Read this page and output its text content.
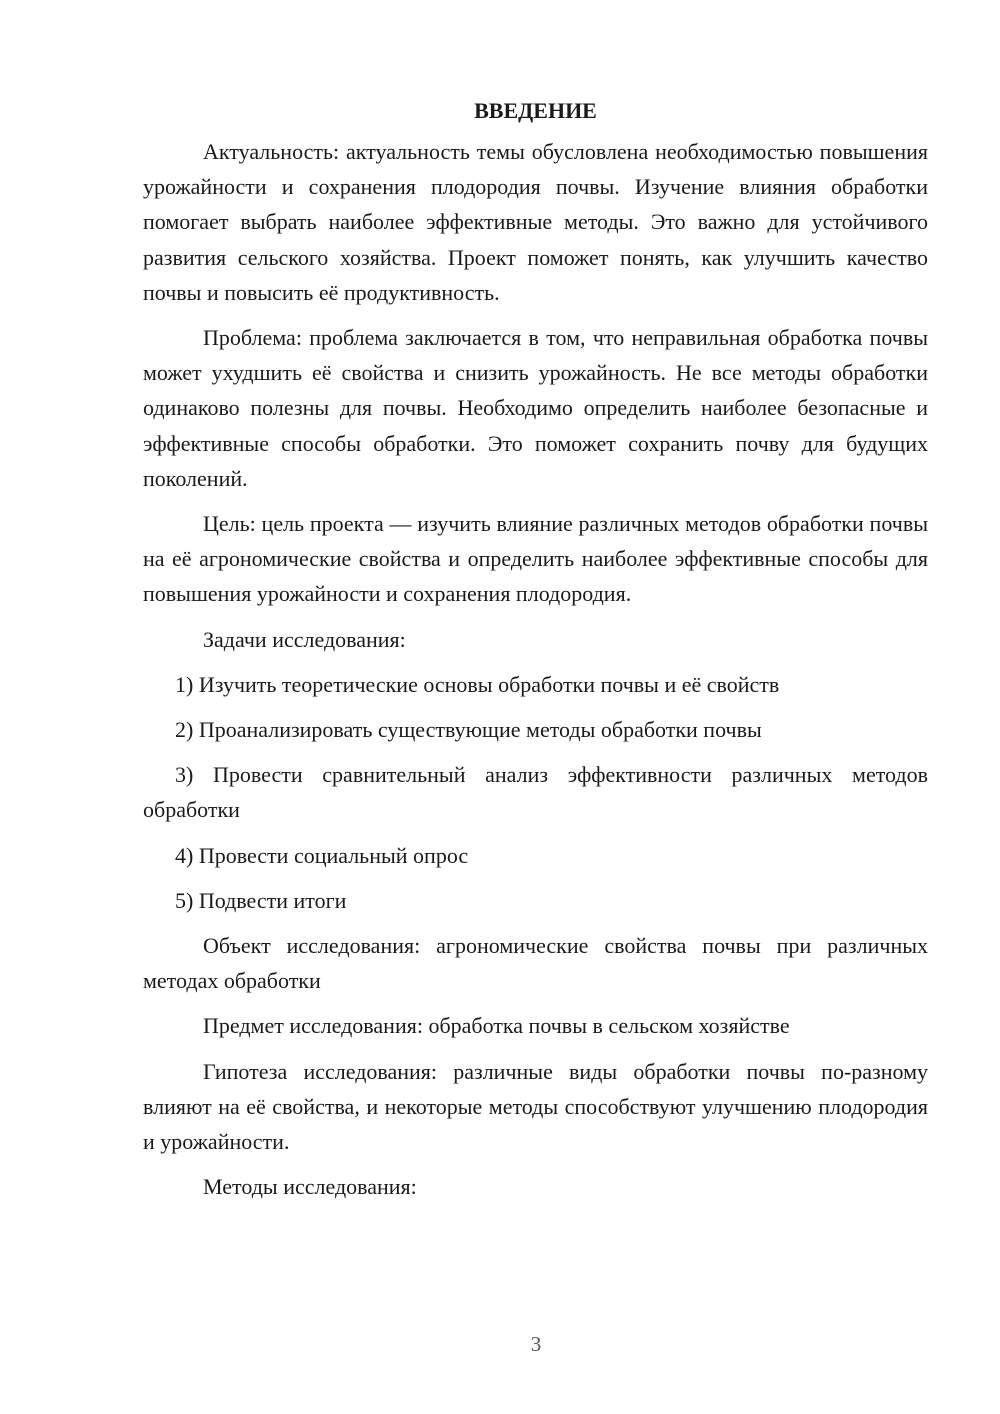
ВВЕДЕНИЕ

Актуальность: актуальность темы обусловлена необходимостью повышения урожайности и сохранения плодородия почвы. Изучение влияния обработки помогает выбрать наиболее эффективные методы. Это важно для устойчивого развития сельского хозяйства. Проект поможет понять, как улучшить качество почвы и повысить её продуктивность.

Проблема: проблема заключается в том, что неправильная обработка почвы может ухудшить её свойства и снизить урожайность. Не все методы обработки одинаково полезны для почвы. Необходимо определить наиболее безопасные и эффективные способы обработки. Это поможет сохранить почву для будущих поколений.

Цель: цель проекта — изучить влияние различных методов обработки почвы на её агрономические свойства и определить наиболее эффективные способы для повышения урожайности и сохранения плодородия.

Задачи исследования:

1) Изучить теоретические основы обработки почвы и её свойств

2) Проанализировать существующие методы обработки почвы

3) Провести сравнительный анализ эффективности различных методов обработки

4) Провести социальный опрос

5) Подвести итоги

Объект исследования: агрономические свойства почвы при различных методах обработки

Предмет исследования: обработка почвы в сельском хозяйстве

Гипотеза исследования: различные виды обработки почвы по-разному влияют на её свойства, и некоторые методы способствуют улучшению плодородия и урожайности.

Методы исследования:

3
